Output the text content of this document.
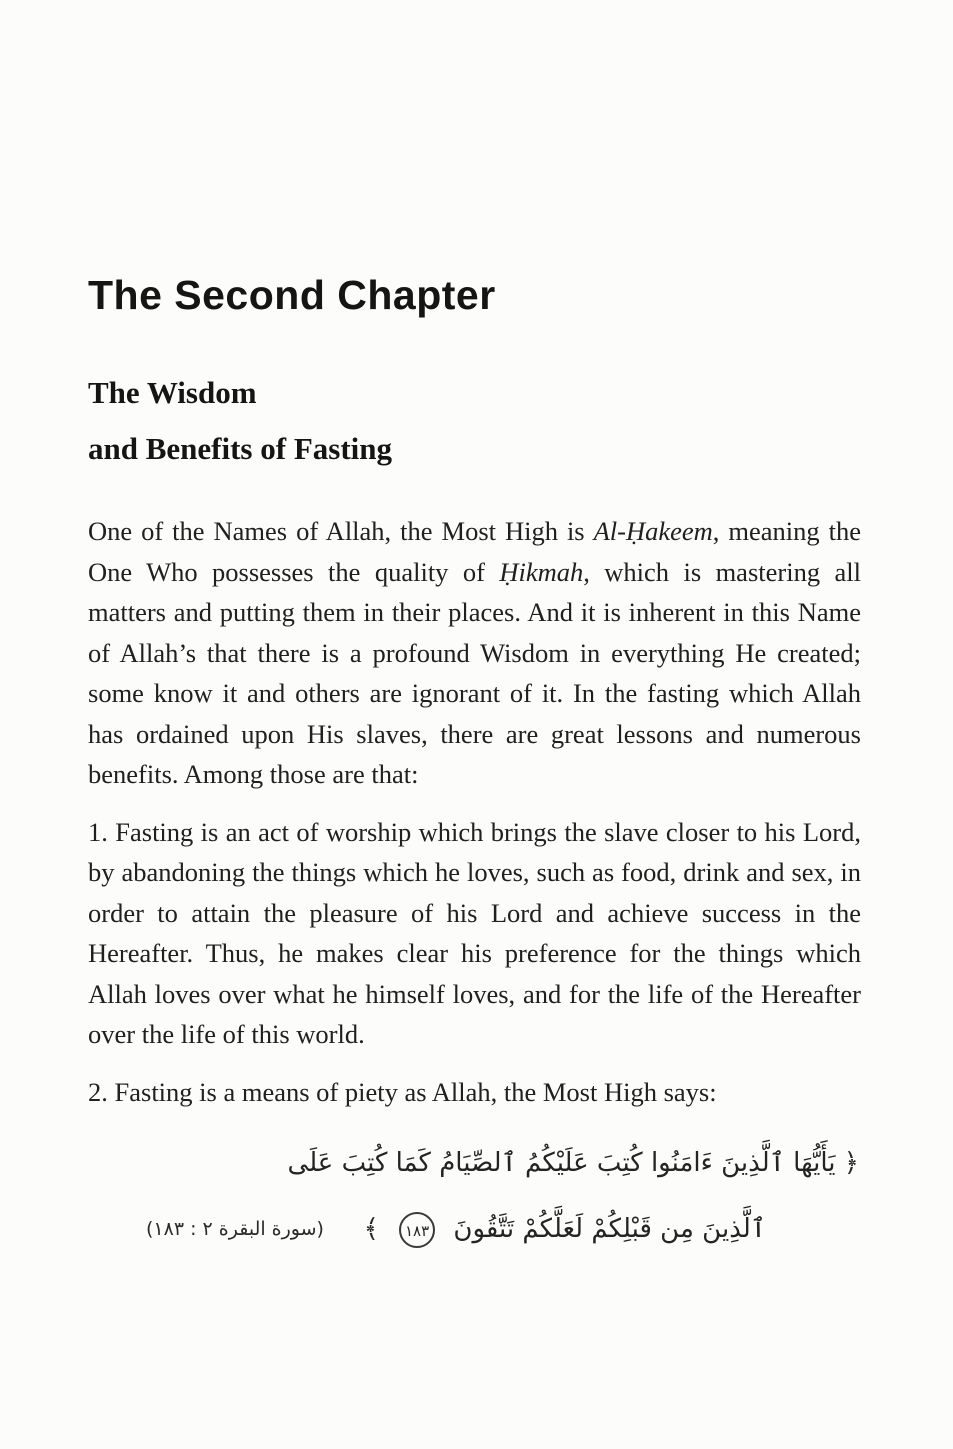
The Second Chapter
The Wisdom
and Benefits of Fasting

One of the Names of Allah, the Most High is Al-Ḥakeem, meaning the One Who possesses the quality of Ḥikmah, which is mastering all matters and putting them in their places. And it is inherent in this Name of Allah’s that there is a profound Wisdom in everything He created; some know it and others are ignorant of it. In the fasting which Allah has ordained upon His slaves, there are great lessons and numerous benefits. Among those are that:

1. Fasting is an act of worship which brings the slave closer to his Lord, by abandoning the things which he loves, such as food, drink and sex, in order to attain the pleasure of his Lord and achieve success in the Hereafter. Thus, he makes clear his preference for the things which Allah loves over what he himself loves, and for the life of the Hereafter over the life of this world.

2. Fasting is a means of piety as Allah, the Most High says:

﴿ يَأَيُّهَا ٱلَّذِينَ ءَامَنُوا كُتِبَ عَلَيْكُمُ ٱلصِّيَامُ كَمَا كُتِبَ عَلَى
ٱلَّذِينَ مِن قَبْلِكُمْ لَعَلَّكُمْ تَتَّقُونَ ١٨٣ ﴾
(سورة البقرة ٢ : ١٨٣)
